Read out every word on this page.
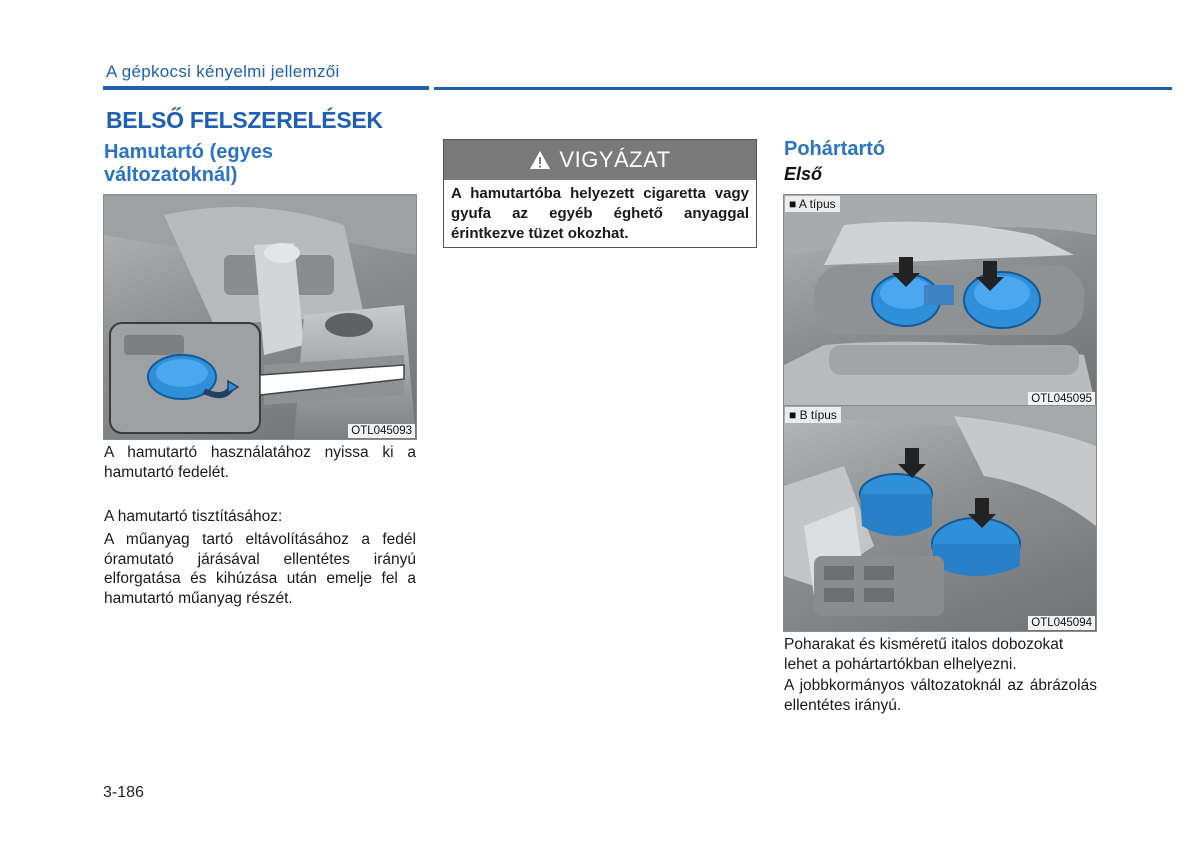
A gépkocsi kényelmi jellemzői
BELSŐ FELSZERELÉSEK
Hamutartó (egyes változatoknál)
OTL045093
A hamutartó használatához nyissa ki a hamutartó fedelét.
A hamutartó tisztításához:
A műanyag tartó eltávolításához a fedél óramutató járásával ellentétes irányú elforgatása és kihúzása után emelje fel a hamutartó műanyag részét.
VIGYÁZAT
A hamutartóba helyezett cigaretta vagy gyufa az egyéb éghető anyaggal érintkezve tüzet okozhat.
Pohártartó
Első
■ A típus
OTL045095
■ B típus
OTL045094
Poharakat és kisméretű italos dobozokat lehet a pohártartókban elhelyezni.
A jobbkormányos változatoknál az ábrázolás ellentétes irányú.
3-186
